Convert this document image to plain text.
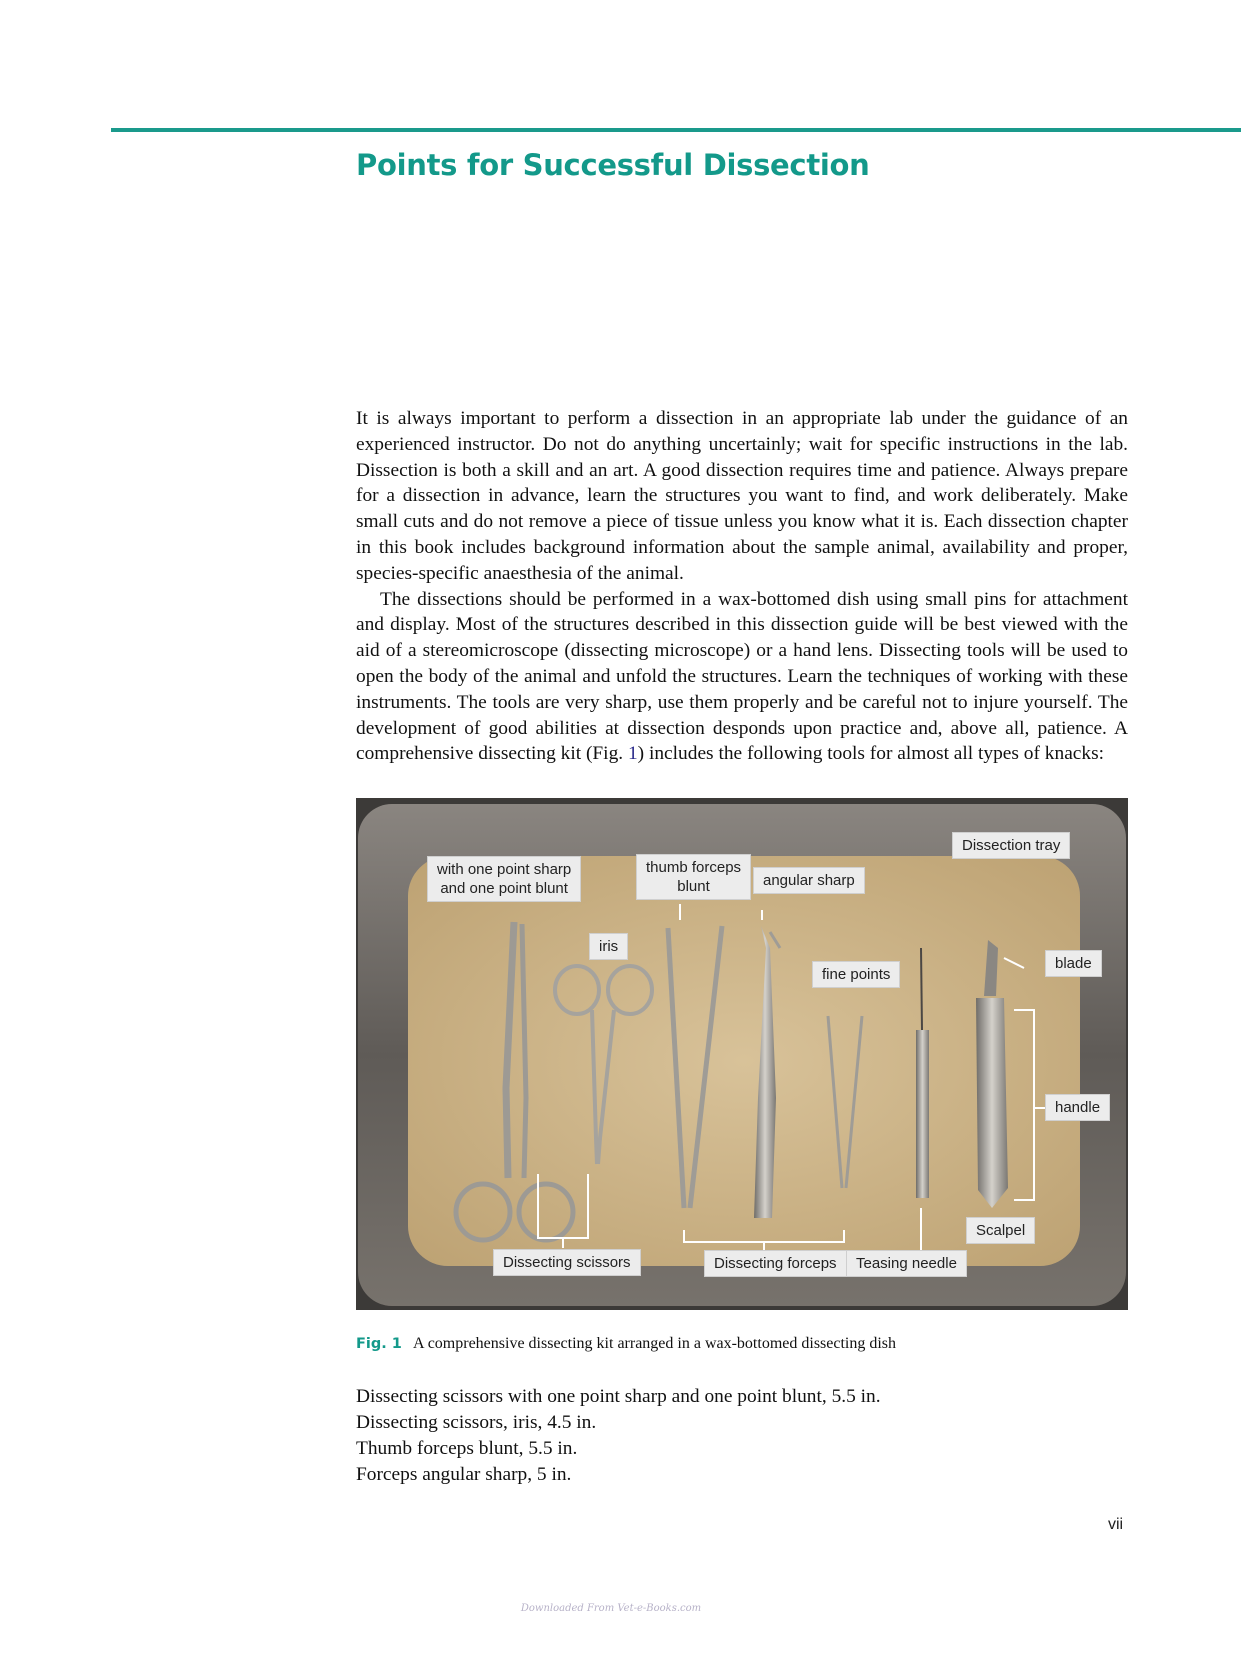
Points for Successful Dissection

It is always important to perform a dissection in an appropriate lab under the guidance of an experienced instructor. Do not do anything uncertainly; wait for specific instructions in the lab. Dissection is both a skill and an art. A good dissection requires time and patience. Always prepare for a dissection in advance, learn the structures you want to find, and work deliberately. Make small cuts and do not remove a piece of tissue unless you know what it is. Each dissection chapter in this book includes background information about the sample animal, availability and proper, species-specific anaesthesia of the animal.

The dissections should be performed in a wax-bottomed dish using small pins for attachment and display. Most of the structures described in this dissection guide will be best viewed with the aid of a stereomicroscope (dissecting microscope) or a hand lens. Dissecting tools will be used to open the body of the animal and unfold the structures. Learn the techniques of working with these instruments. The tools are very sharp, use them properly and be careful not to injure yourself. The development of good abilities at dissection desponds upon practice and, above all, patience. A comprehensive dissecting kit (Fig. 1) includes the following tools for almost all types of knacks:

Dissection tray
with one point sharp
and one point blunt
thumb forceps
blunt	angular sharp
iris
fine points
blade
handle
Scalpel
Dissecting scissors	Dissecting forceps	Teasing needle
Fig. 1 A comprehensive dissecting kit arranged in a wax-bottomed dissecting dish
Dissecting scissors with one point sharp and one point blunt, 5.5 in.
Dissecting scissors, iris, 4.5 in.
Thumb forceps blunt, 5.5 in.
Forceps angular sharp, 5 in.
vii
Downloaded From Vet-e-Books.com
